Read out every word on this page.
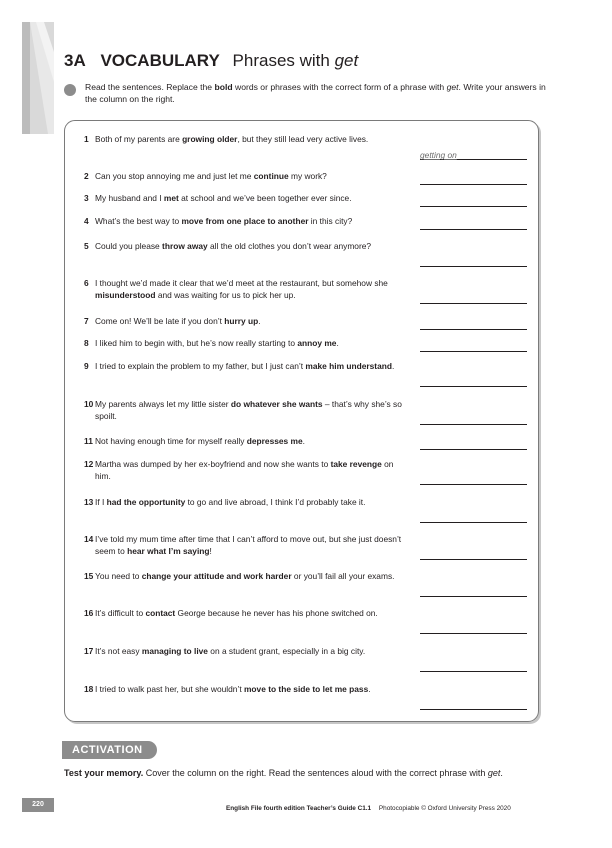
3A VOCABULARY Phrases with get
Read the sentences. Replace the bold words or phrases with the correct form of a phrase with get. Write your answers in the column on the right.
1 Both of my parents are growing older, but they still lead very active lives.
2 Can you stop annoying me and just let me continue my work?
3 My husband and I met at school and we’ve been together ever since.
4 What’s the best way to move from one place to another in this city?
5 Could you please throw away all the old clothes you don’t wear anymore?
6 I thought we’d made it clear that we’d meet at the restaurant, but somehow she misunderstood and was waiting for us to pick her up.
7 Come on! We’ll be late if you don’t hurry up.
8 I liked him to begin with, but he’s now really starting to annoy me.
9 I tried to explain the problem to my father, but I just can’t make him understand.
10 My parents always let my little sister do whatever she wants – that’s why she’s so spoilt.
11 Not having enough time for myself really depresses me.
12 Martha was dumped by her ex-boyfriend and now she wants to take revenge on him.
13 If I had the opportunity to go and live abroad, I think I’d probably take it.
14 I’ve told my mum time after time that I can’t afford to move out, but she just doesn’t seem to hear what I’m saying!
15 You need to change your attitude and work harder or you’ll fail all your exams.
16 It’s difficult to contact George because he never has his phone switched on.
17 It’s not easy managing to live on a student grant, especially in a big city.
18 I tried to walk past her, but she wouldn’t move to the side to let me pass.
getting on
ACTIVATION
Test your memory. Cover the column on the right. Read the sentences aloud with the correct phrase with get.
220
English File fourth edition Teacher’s Guide C1.1 Photocopiable © Oxford University Press 2020
